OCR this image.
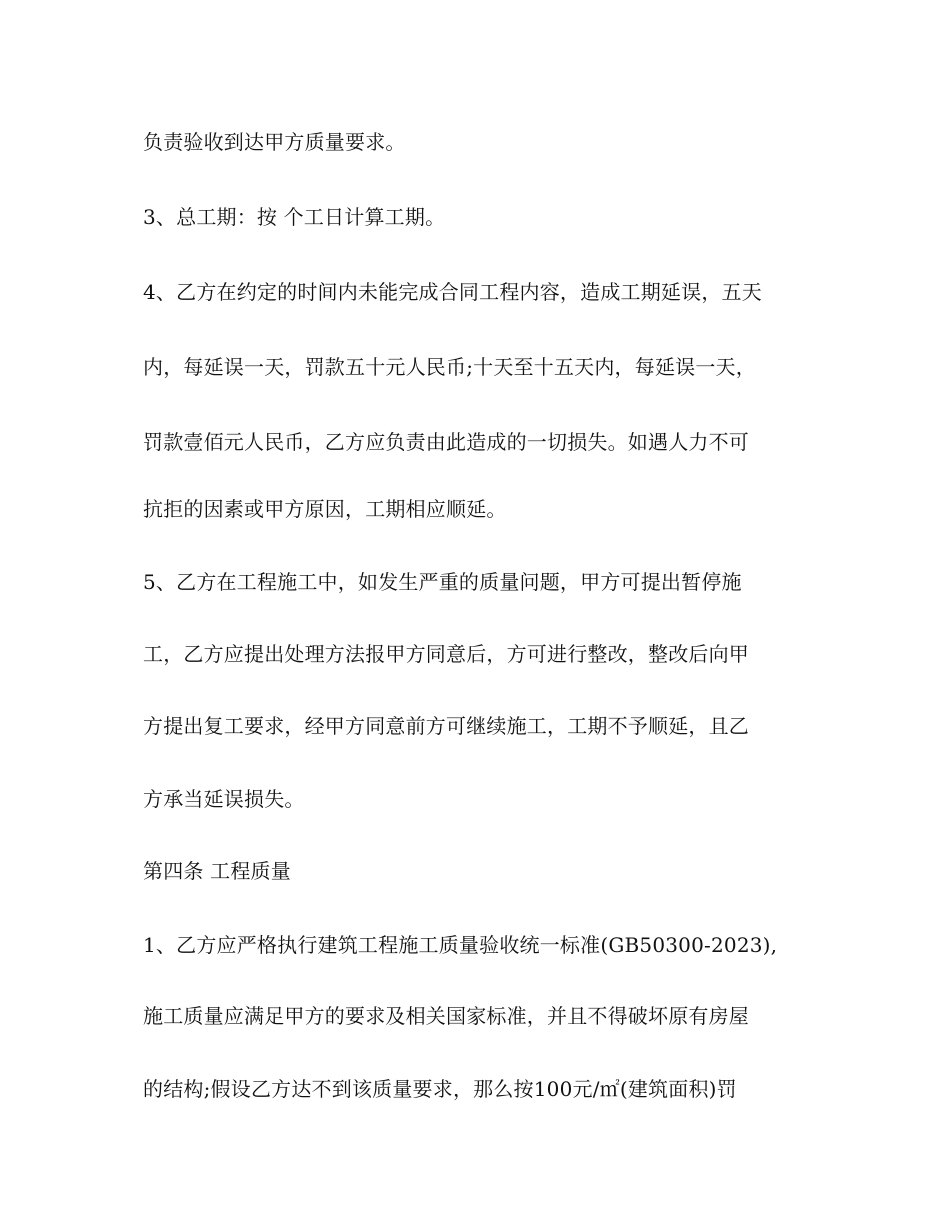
负责验收到达甲方质量要求。

3、总工期：按 个工日计算工期。

4、乙方在约定的时间内未能完成合同工程内容，造成工期延误，五天

内，每延误一天，罚款五十元人民币;十天至十五天内，每延误一天，

罚款壹佰元人民币，乙方应负责由此造成的一切损失。如遇人力不可

抗拒的因素或甲方原因，工期相应顺延。

5、乙方在工程施工中，如发生严重的质量问题，甲方可提出暂停施

工，乙方应提出处理方法报甲方同意后，方可进行整改，整改后向甲

方提出复工要求，经甲方同意前方可继续施工，工期不予顺延，且乙

方承当延误损失。

第四条 工程质量

1、乙方应严格执行建筑工程施工质量验收统一标准(GB50300-2023),

施工质量应满足甲方的要求及相关国家标准，并且不得破坏原有房屋

的结构;假设乙方达不到该质量要求，那么按100元/㎡(建筑面积)罚
